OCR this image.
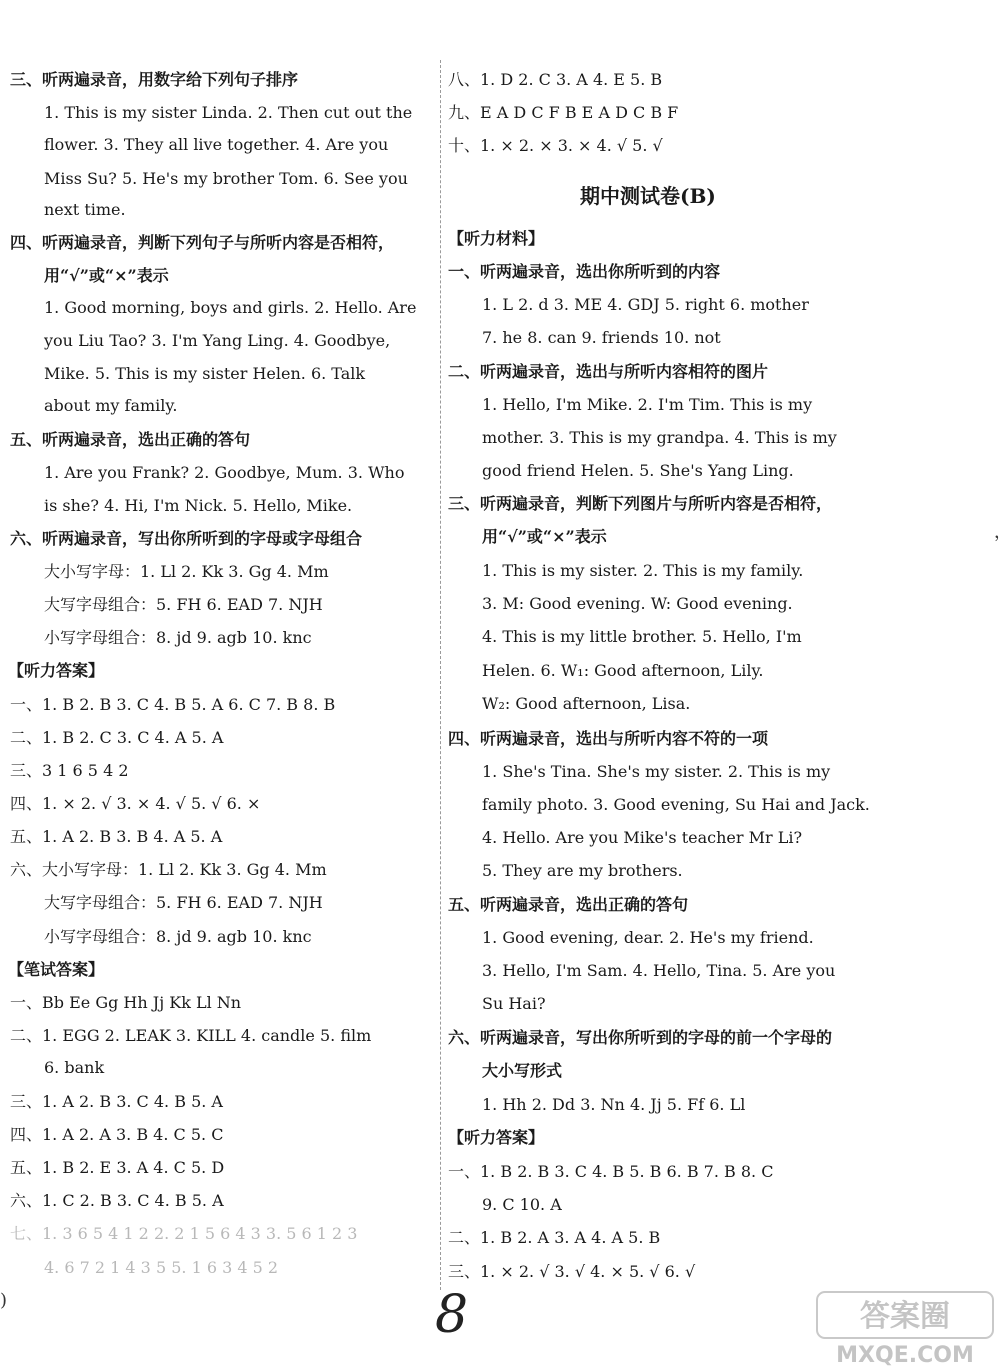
三、听两遍录音，用数字给下列句子排序
1. This is my sister Linda. 2. Then cut out the
flower. 3. They all live together. 4. Are you
Miss Su? 5. He's my brother Tom. 6. See you
next time.
四、听两遍录音，判断下列句子与所听内容是否相符，
用“√”或“×”表示
1. Good morning, boys and girls. 2. Hello. Are
you Liu Tao? 3. I'm Yang Ling. 4. Goodbye,
Mike. 5. This is my sister Helen. 6. Talk
about my family.
五、听两遍录音，选出正确的答句
1. Are you Frank? 2. Goodbye, Mum. 3. Who
is she? 4. Hi, I'm Nick. 5. Hello, Mike.
六、听两遍录音，写出你所听到的字母或字母组合
大小写字母：1. Ll 2. Kk 3. Gg 4. Mm
大写字母组合：5. FH 6. EAD 7. NJH
小写字母组合：8. jd 9. agb 10. knc
【听力答案】
一、1. B 2. B 3. C 4. B 5. A 6. C 7. B 8. B
二、1. B 2. C 3. C 4. A 5. A
三、3 1 6 5 4 2
四、1. × 2. √ 3. × 4. √ 5. √ 6. ×
五、1. A 2. B 3. B 4. A 5. A
六、大小写字母：1. Ll 2. Kk 3. Gg 4. Mm
大写字母组合：5. FH 6. EAD 7. NJH
小写字母组合：8. jd 9. agb 10. knc
【笔试答案】
一、Bb Ee Gg Hh Jj Kk Ll Nn
二、1. EGG 2. LEAK 3. KILL 4. candle 5. film
6. bank
三、1. A 2. B 3. C 4. B 5. A
四、1. A 2. A 3. B 4. C 5. C
五、1. B 2. E 3. A 4. C 5. D
六、1. C 2. B 3. C 4. B 5. A
七、1. 3 6 5 4 1 2 2. 2 1 5 6 4 3 3. 5 6 1 2 3
4. 6 7 2 1 4 3 5 5. 1 6 3 4 5 2
八、1. D 2. C 3. A 4. E 5. B
九、E A D C F B E A D C B F
十、1. × 2. × 3. × 4. √ 5. √
期中测试卷(B)
【听力材料】
一、听两遍录音，选出你所听到的内容
1. L 2. d 3. ME 4. GDJ 5. right 6. mother
7. he 8. can 9. friends 10. not
二、听两遍录音，选出与所听内容相符的图片
1. Hello, I'm Mike. 2. I'm Tim. This is my
mother. 3. This is my grandpa. 4. This is my
good friend Helen. 5. She's Yang Ling.
三、听两遍录音，判断下列图片与所听内容是否相符，
用“√”或“×”表示
1. This is my sister. 2. This is my family.
3. M: Good evening. W: Good evening.
4. This is my little brother. 5. Hello, I'm
Helen. 6. W₁: Good afternoon, Lily.
W₂: Good afternoon, Lisa.
四、听两遍录音，选出与所听内容不符的一项
1. She's Tina. She's my sister. 2. This is my
family photo. 3. Good evening, Su Hai and Jack.
4. Hello. Are you Mike's teacher Mr Li?
5. They are my brothers.
五、听两遍录音，选出正确的答句
1. Good evening, dear. 2. He's my friend.
3. Hello, I'm Sam. 4. Hello, Tina. 5. Are you
Su Hai?
六、听两遍录音，写出你所听到的字母的前一个字母的
大小写形式
1. Hh 2. Dd 3. Nn 4. Jj 5. Ff 6. Ll
【听力答案】
一、1. B 2. B 3. C 4. B 5. B 6. B 7. B 8. C
9. C 10. A
二、1. B 2. A 3. A 4. A 5. B
三、1. × 2. √ 3. √ 4. × 5. √ 6. √
︐
)	8	答案圈
MXQE.COM
